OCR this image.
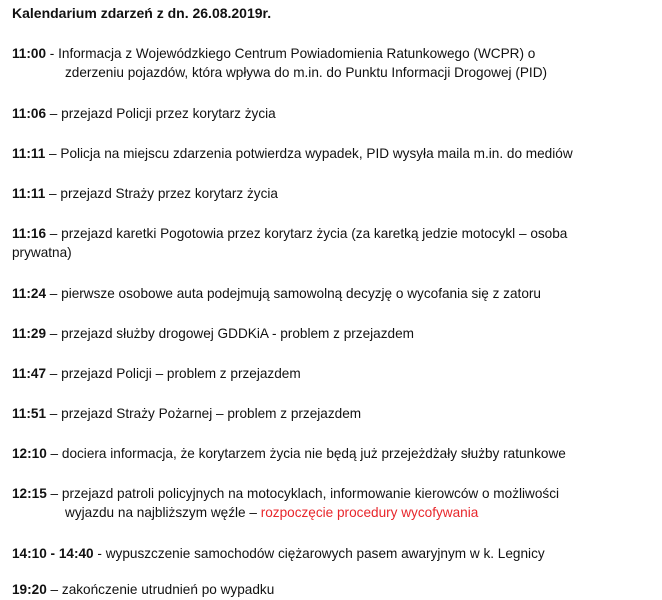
Kalendarium zdarzeń z dn. 26.08.2019r.
11:00 - Informacja z Wojewódzkiego Centrum Powiadomienia Ratunkowego (WCPR) o
zderzeniu pojazdów, która wpływa do m.in. do Punktu Informacji Drogowej (PID)
11:06 – przejazd Policji przez korytarz życia
11:11 – Policja na miejscu zdarzenia potwierdza wypadek, PID wysyła maila m.in. do mediów
11:11 – przejazd Straży przez korytarz życia
11:16 – przejazd karetki Pogotowia przez korytarz życia (za karetką jedzie motocykl – osoba
prywatna)
11:24 – pierwsze osobowe auta podejmują samowolną decyzję o wycofania się z zatoru
11:29 – przejazd służby drogowej GDDKiA - problem z przejazdem
11:47 – przejazd Policji – problem z przejazdem
11:51 – przejazd Straży Pożarnej – problem z przejazdem
12:10 – dociera informacja, że korytarzem życia nie będą już przejeżdżały służby ratunkowe
12:15 – przejazd patroli policyjnych na motocyklach, informowanie kierowców o możliwości
wyjazdu na najbliższym węźle – rozpoczęcie procedury wycofywania
14:10 - 14:40 - wypuszczenie samochodów ciężarowych pasem awaryjnym w k. Legnicy
19:20 – zakończenie utrudnień po wypadku
